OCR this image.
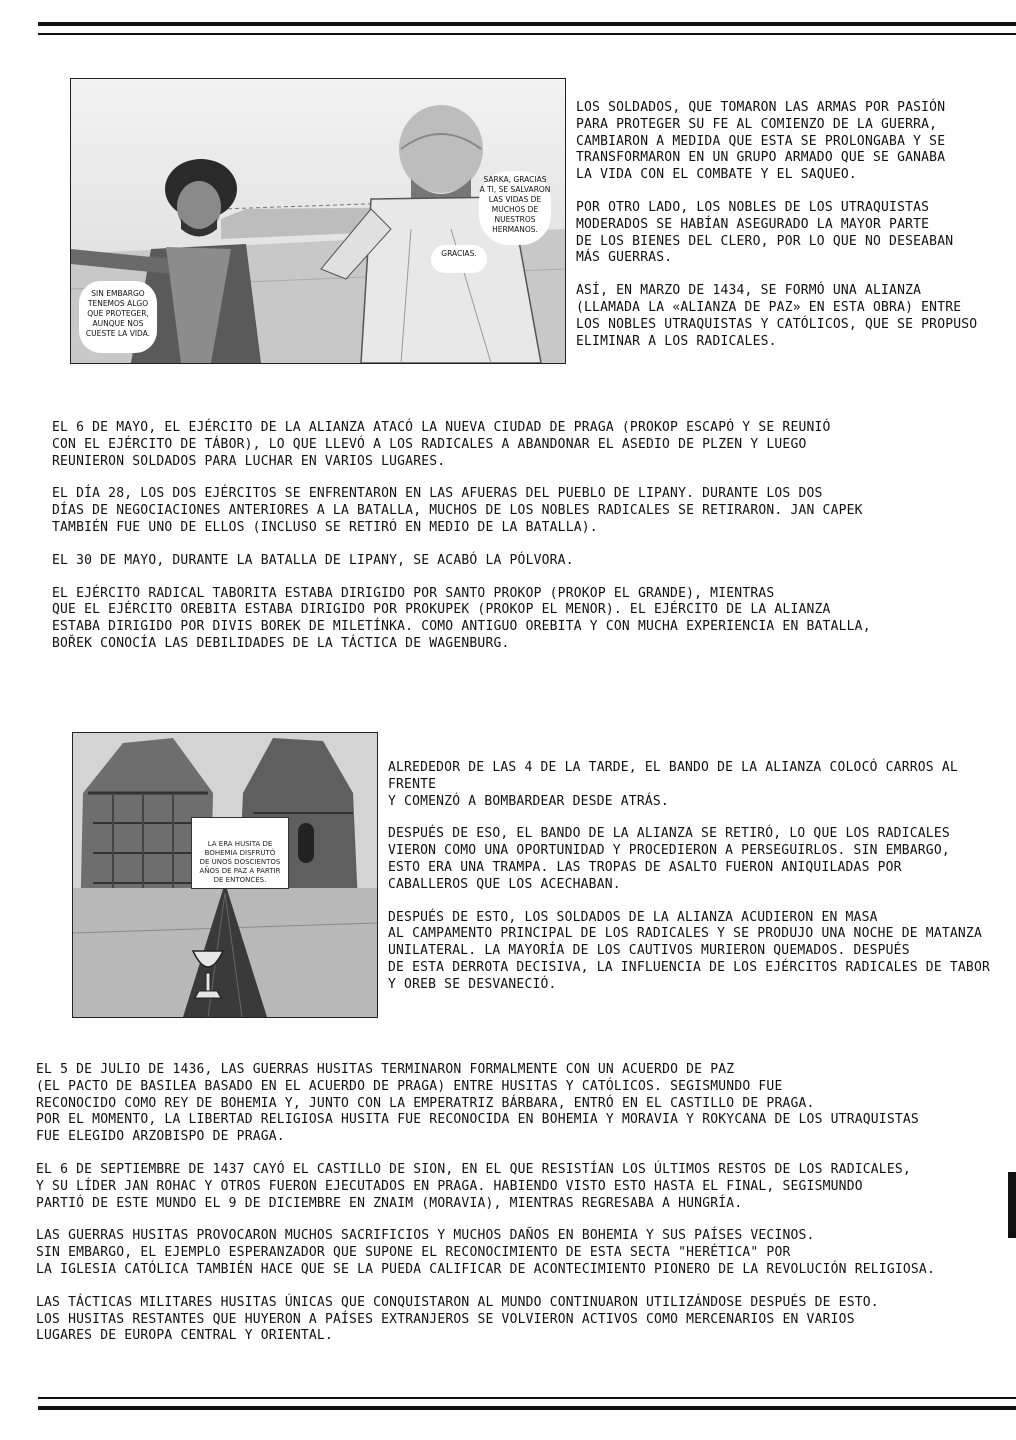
SARKA, GRACIAS
A TI, SE SALVARON
LAS VIDAS DE
MUCHOS DE
NUESTROS
HERMANOS.
GRACIAS.
SIN EMBARGO
TENEMOS ALGO
QUE PROTEGER,
AUNQUE NOS
CUESTE LA VIDA.

LOS SOLDADOS, QUE TOMARON LAS ARMAS POR PASIÓN
PARA PROTEGER SU FE AL COMIENZO DE LA GUERRA,
CAMBIARON A MEDIDA QUE ESTA SE PROLONGABA Y SE
TRANSFORMARON EN UN GRUPO ARMADO QUE SE GANABA
LA VIDA CON EL COMBATE Y EL SAQUEO.

POR OTRO LADO, LOS NOBLES DE LOS UTRAQUISTAS
MODERADOS SE HABÍAN ASEGURADO LA MAYOR PARTE
DE LOS BIENES DEL CLERO, POR LO QUE NO DESEABAN
MÁS GUERRAS.

ASÍ, EN MARZO DE 1434, SE FORMÓ UNA ALIANZA
(LLAMADA LA «ALIANZA DE PAZ» EN ESTA OBRA) ENTRE
LOS NOBLES UTRAQUISTAS Y CATÓLICOS, QUE SE PROPUSO
ELIMINAR A LOS RADICALES.

EL 6 DE MAYO, EL EJÉRCITO DE LA ALIANZA ATACÓ LA NUEVA CIUDAD DE PRAGA (PROKOP ESCAPÓ Y SE REUNIÓ
CON EL EJÉRCITO DE TÁBOR), LO QUE LLEVÓ A LOS RADICALES A ABANDONAR EL ASEDIO DE PLZEN Y LUEGO
REUNIERON SOLDADOS PARA LUCHAR EN VARIOS LUGARES.

EL DÍA 28, LOS DOS EJÉRCITOS SE ENFRENTARON EN LAS AFUERAS DEL PUEBLO DE LIPANY. DURANTE LOS DOS
DÍAS DE NEGOCIACIONES ANTERIORES A LA BATALLA, MUCHOS DE LOS NOBLES RADICALES SE RETIRARON. JAN CAPEK
TAMBIÉN FUE UNO DE ELLOS (INCLUSO SE RETIRÓ EN MEDIO DE LA BATALLA).

EL 30 DE MAYO, DURANTE LA BATALLA DE LIPANY, SE ACABÓ LA PÓLVORA.

EL EJÉRCITO RADICAL TABORITA ESTABA DIRIGIDO POR SANTO PROKOP (PROKOP EL GRANDE), MIENTRAS
QUE EL EJÉRCITO OREBITA ESTABA DIRIGIDO POR PROKUPEK (PROKOP EL MENOR). EL EJÉRCITO DE LA ALIANZA
ESTABA DIRIGIDO POR DIVIS BOREK DE MILETÍNKA. COMO ANTIGUO OREBITA Y CON MUCHA EXPERIENCIA EN BATALLA,
BOŘEK CONOCÍA LAS DEBILIDADES DE LA TÁCTICA DE WAGENBURG.

LA ERA HUSITA DE
BOHEMIA DISFRUTÓ
DE UNOS DOSCIENTOS
AÑOS DE PAZ A PARTIR
DE ENTONCES.

ALREDEDOR DE LAS 4 DE LA TARDE, EL BANDO DE LA ALIANZA COLOCÓ CARROS AL FRENTE
Y COMENZÓ A BOMBARDEAR DESDE ATRÁS.

DESPUÉS DE ESO, EL BANDO DE LA ALIANZA SE RETIRÓ, LO QUE LOS RADICALES
VIERON COMO UNA OPORTUNIDAD Y PROCEDIERON A PERSEGUIRLOS. SIN EMBARGO,
ESTO ERA UNA TRAMPA. LAS TROPAS DE ASALTO FUERON ANIQUILADAS POR
CABALLEROS QUE LOS ACECHABAN.

DESPUÉS DE ESTO, LOS SOLDADOS DE LA ALIANZA ACUDIERON EN MASA
AL CAMPAMENTO PRINCIPAL DE LOS RADICALES Y SE PRODUJO UNA NOCHE DE MATANZA
UNILATERAL. LA MAYORÍA DE LOS CAUTIVOS MURIERON QUEMADOS. DESPUÉS
DE ESTA DERROTA DECISIVA, LA INFLUENCIA DE LOS EJÉRCITOS RADICALES DE TABOR
Y OREB SE DESVANECIÓ.

EL 5 DE JULIO DE 1436, LAS GUERRAS HUSITAS TERMINARON FORMALMENTE CON UN ACUERDO DE PAZ
(EL PACTO DE BASILEA BASADO EN EL ACUERDO DE PRAGA) ENTRE HUSITAS Y CATÓLICOS. SEGISMUNDO FUE
RECONOCIDO COMO REY DE BOHEMIA Y, JUNTO CON LA EMPERATRIZ BÁRBARA, ENTRÓ EN EL CASTILLO DE PRAGA.
POR EL MOMENTO, LA LIBERTAD RELIGIOSA HUSITA FUE RECONOCIDA EN BOHEMIA Y MORAVIA Y ROKYCANA DE LOS UTRAQUISTAS
FUE ELEGIDO ARZOBISPO DE PRAGA.

EL 6 DE SEPTIEMBRE DE 1437 CAYÓ EL CASTILLO DE SION, EN EL QUE RESISTÍAN LOS ÚLTIMOS RESTOS DE LOS RADICALES,
Y SU LÍDER JAN ROHAC Y OTROS FUERON EJECUTADOS EN PRAGA. HABIENDO VISTO ESTO HASTA EL FINAL, SEGISMUNDO
PARTIÓ DE ESTE MUNDO EL 9 DE DICIEMBRE EN ZNAIM (MORAVIA), MIENTRAS REGRESABA A HUNGRÍA.

LAS GUERRAS HUSITAS PROVOCARON MUCHOS SACRIFICIOS Y MUCHOS DAÑOS EN BOHEMIA Y SUS PAÍSES VECINOS.
SIN EMBARGO, EL EJEMPLO ESPERANZADOR QUE SUPONE EL RECONOCIMIENTO DE ESTA SECTA "HERÉTICA" POR
LA IGLESIA CATÓLICA TAMBIÉN HACE QUE SE LA PUEDA CALIFICAR DE ACONTECIMIENTO PIONERO DE LA REVOLUCIÓN RELIGIOSA.

LAS TÁCTICAS MILITARES HUSITAS ÚNICAS QUE CONQUISTARON AL MUNDO CONTINUARON UTILIZÁNDOSE DESPUÉS DE ESTO.
LOS HUSITAS RESTANTES QUE HUYERON A PAÍSES EXTRANJEROS SE VOLVIERON ACTIVOS COMO MERCENARIOS EN VARIOS
LUGARES DE EUROPA CENTRAL Y ORIENTAL.
